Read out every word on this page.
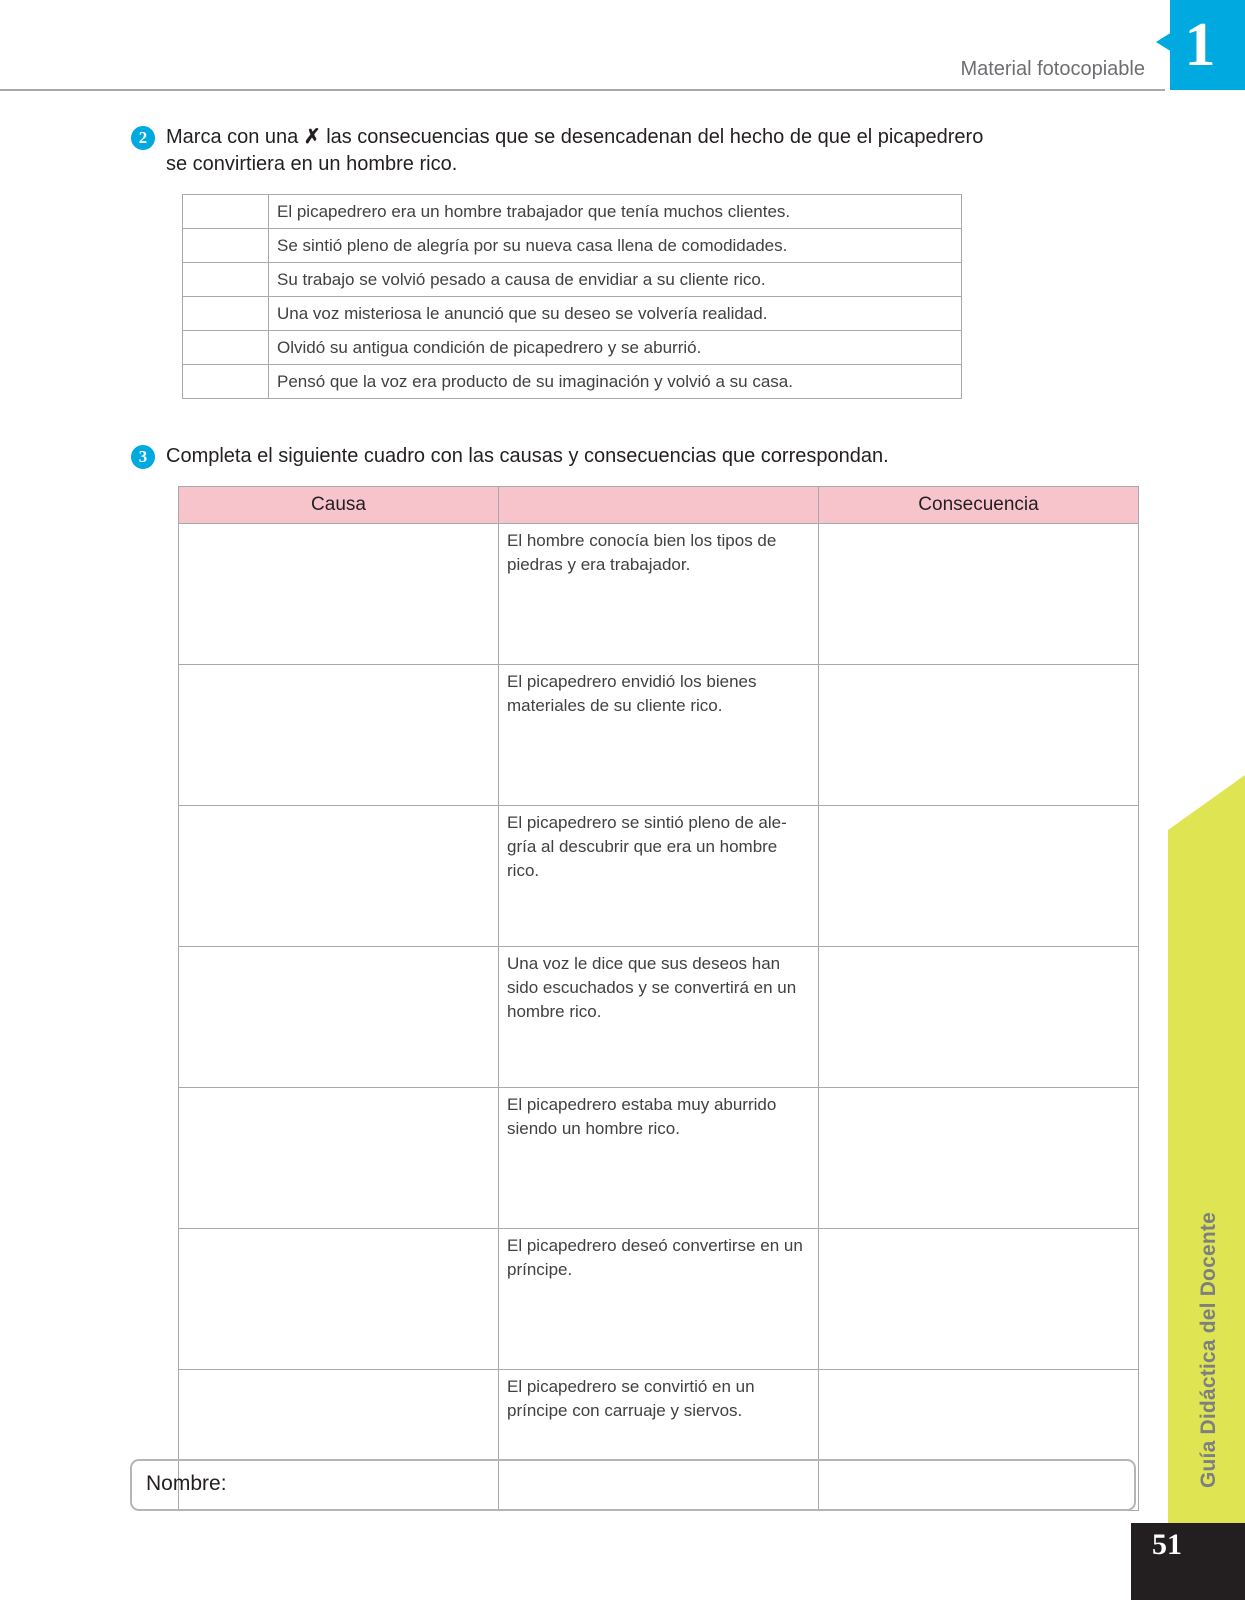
Material fotocopiable 1
2 Marca con una ✗ las consecuencias que se desencadenan del hecho de que el picapedrero
se convirtiera en un hombre rico.
	El picapedrero era un hombre trabajador que tenía muchos clientes.
	Se sintió pleno de alegría por su nueva casa llena de comodidades.
	Su trabajo se volvió pesado a causa de envidiar a su cliente rico.
	Una voz misteriosa le anunció que su deseo se volvería realidad.
	Olvidó su antigua condición de picapedrero y se aburrió.
	Pensó que la voz era producto de su imaginación y volvió a su casa.
3 Completa el siguiente cuadro con las causas y consecuencias que correspondan.
Causa		Consecuencia
	El hombre conocía bien los tipos de piedras y era trabajador.	
	El picapedrero envidió los bienes materiales de su cliente rico.	
	El picapedrero se sintió pleno de ale-gría al descubrir que era un hombre rico.	
	Una voz le dice que sus deseos han sido escuchados y se convertirá en un hombre rico.	
	El picapedrero estaba muy aburrido siendo un hombre rico.	
	El picapedrero deseó convertirse en un príncipe.	
	El picapedrero se convirtió en un príncipe con carruaje y siervos.	
Nombre:	Guía Didáctica del Docente
51
